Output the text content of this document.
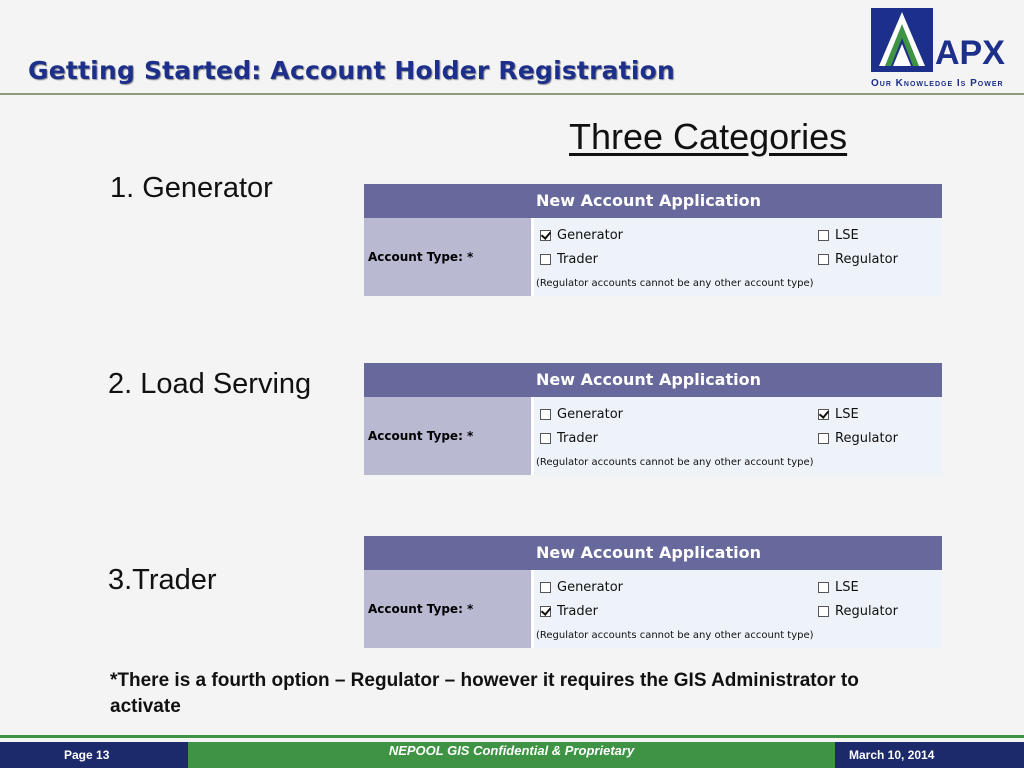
Getting Started: Account Holder Registration	APX
Our Knowledge Is Power
Three Categories
1. Generator
2. Load Serving
3.Trader
New Account Application
Account Type: *
Generator	LSE
Trader	Regulator
(Regulator accounts cannot be any other account type)
New Account Application
Account Type: *
Generator	LSE
Trader	Regulator
(Regulator accounts cannot be any other account type)
New Account Application
Account Type: *
Generator	LSE
Trader	Regulator
(Regulator accounts cannot be any other account type)

*There is a fourth option – Regulator – however it requires the GIS Administrator to activate

Page 13	NEPOOL GIS Confidential & Proprietary	March 10, 2014
